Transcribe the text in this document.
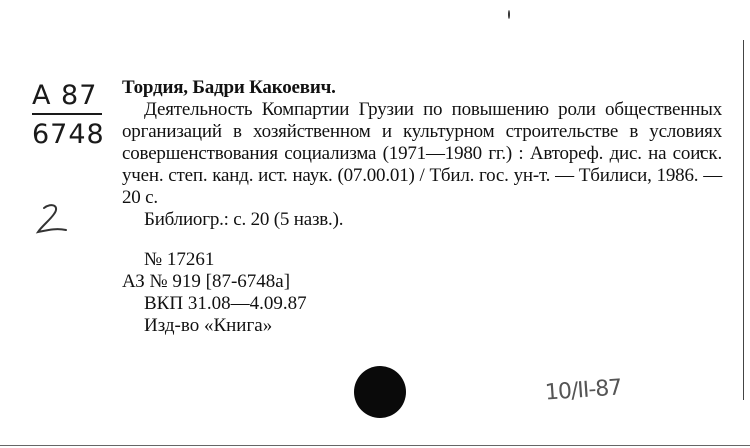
А 87
6748

Тордия, Бадри Какоевич.

Деятельность Компартии Грузии по повышению роли общественных организаций в хозяйственном и культурном строительстве в условиях совершенствования социализма (1971—1980 гг.) : Автореф. дис. на соиск. учен. степ. канд. ист. наук. (07.00.01) / Тбил. гос. ун-т. — Тбилиси, 1986. — 20 с.

Библиогр.: с. 20 (5 назв.).

№ 17261

АЗ № 919 [87-6748а]

ВКП 31.08—4.09.87

Изд-во «Книга»

10/II-87
